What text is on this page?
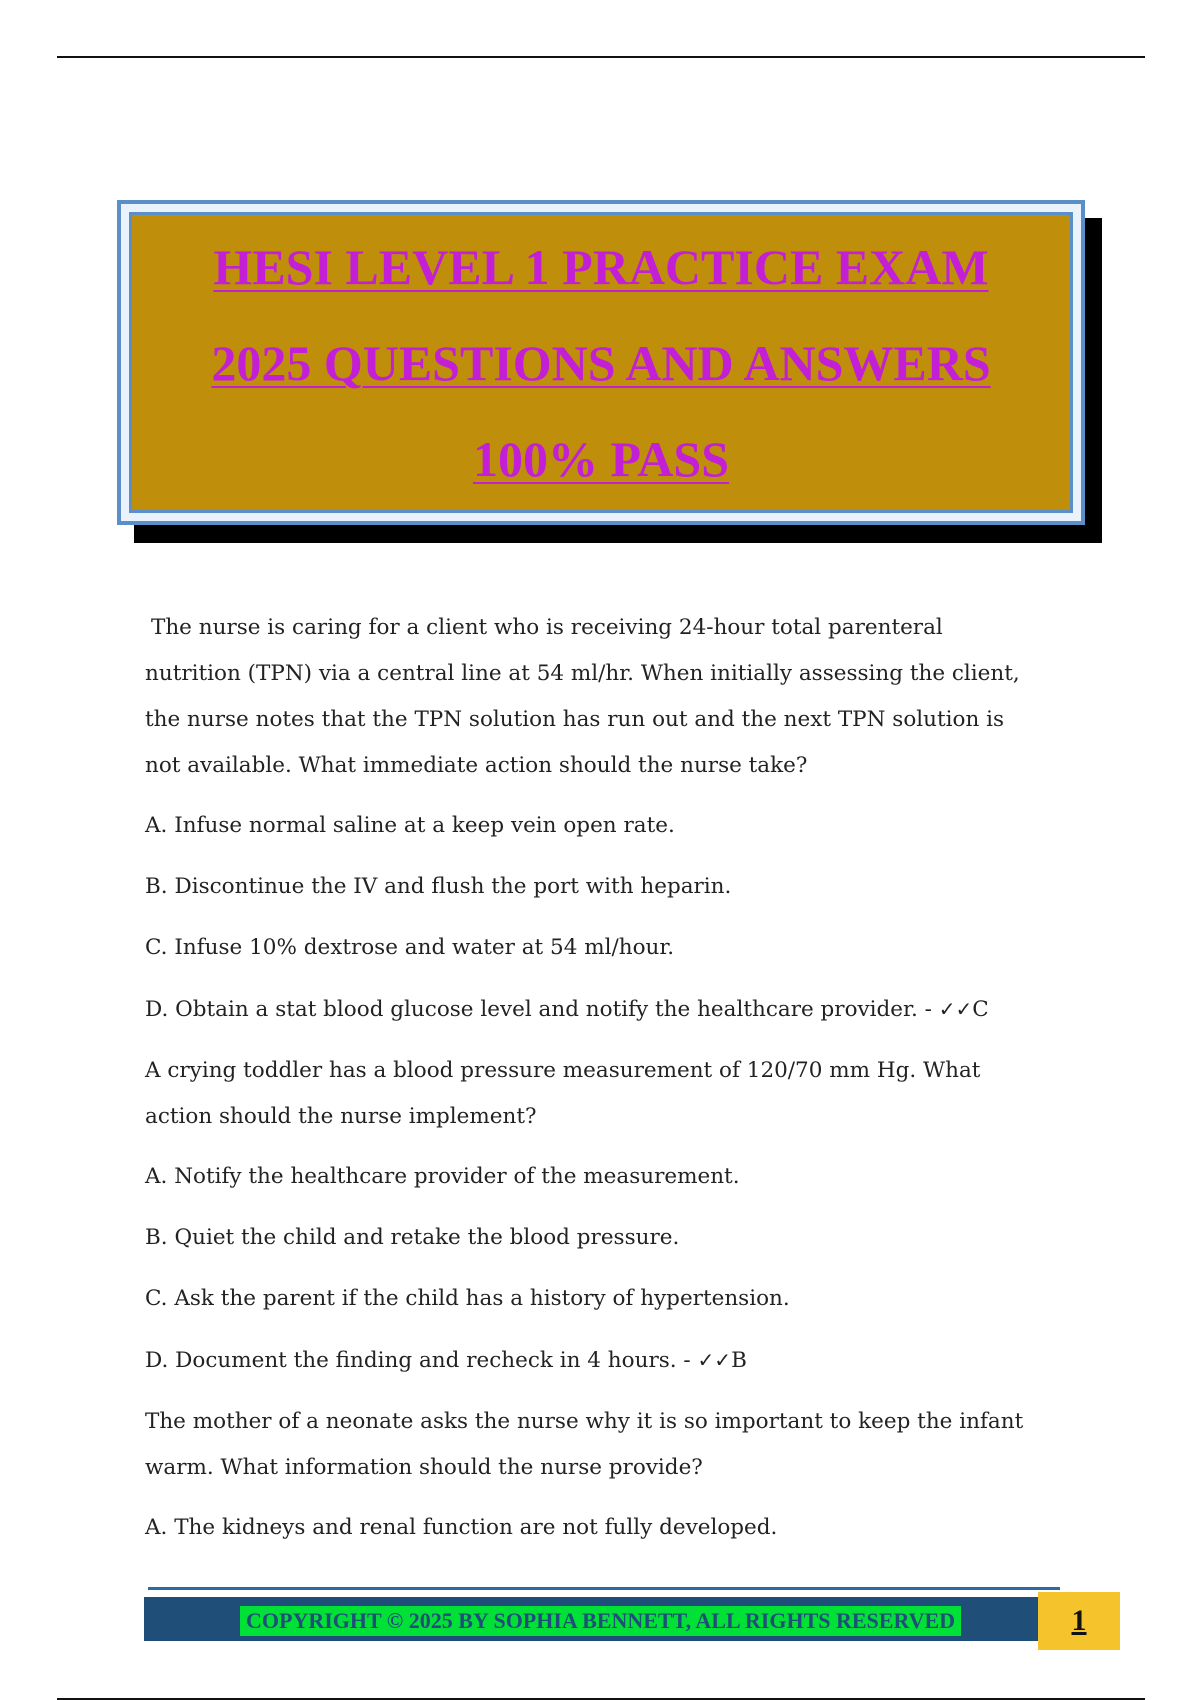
HESI LEVEL 1 PRACTICE EXAM
2025 QUESTIONS AND ANSWERS
100% PASS

The nurse is caring for a client who is receiving 24-hour total parenteral nutrition (TPN) via a central line at 54 ml/hr. When initially assessing the client, the nurse notes that the TPN solution has run out and the next TPN solution is not available. What immediate action should the nurse take?

A. Infuse normal saline at a keep vein open rate.

B. Discontinue the IV and flush the port with heparin.

C. Infuse 10% dextrose and water at 54 ml/hour.

D. Obtain a stat blood glucose level and notify the healthcare provider. - ✓✓C

A crying toddler has a blood pressure measurement of 120/70 mm Hg. What action should the nurse implement?

A. Notify the healthcare provider of the measurement.

B. Quiet the child and retake the blood pressure.

C. Ask the parent if the child has a history of hypertension.

D. Document the finding and recheck in 4 hours. - ✓✓B

The mother of a neonate asks the nurse why it is so important to keep the infant warm. What information should the nurse provide?

A. The kidneys and renal function are not fully developed.

COPYRIGHT © 2025 BY SOPHIA BENNETT, ALL RIGHTS RESERVED	1
